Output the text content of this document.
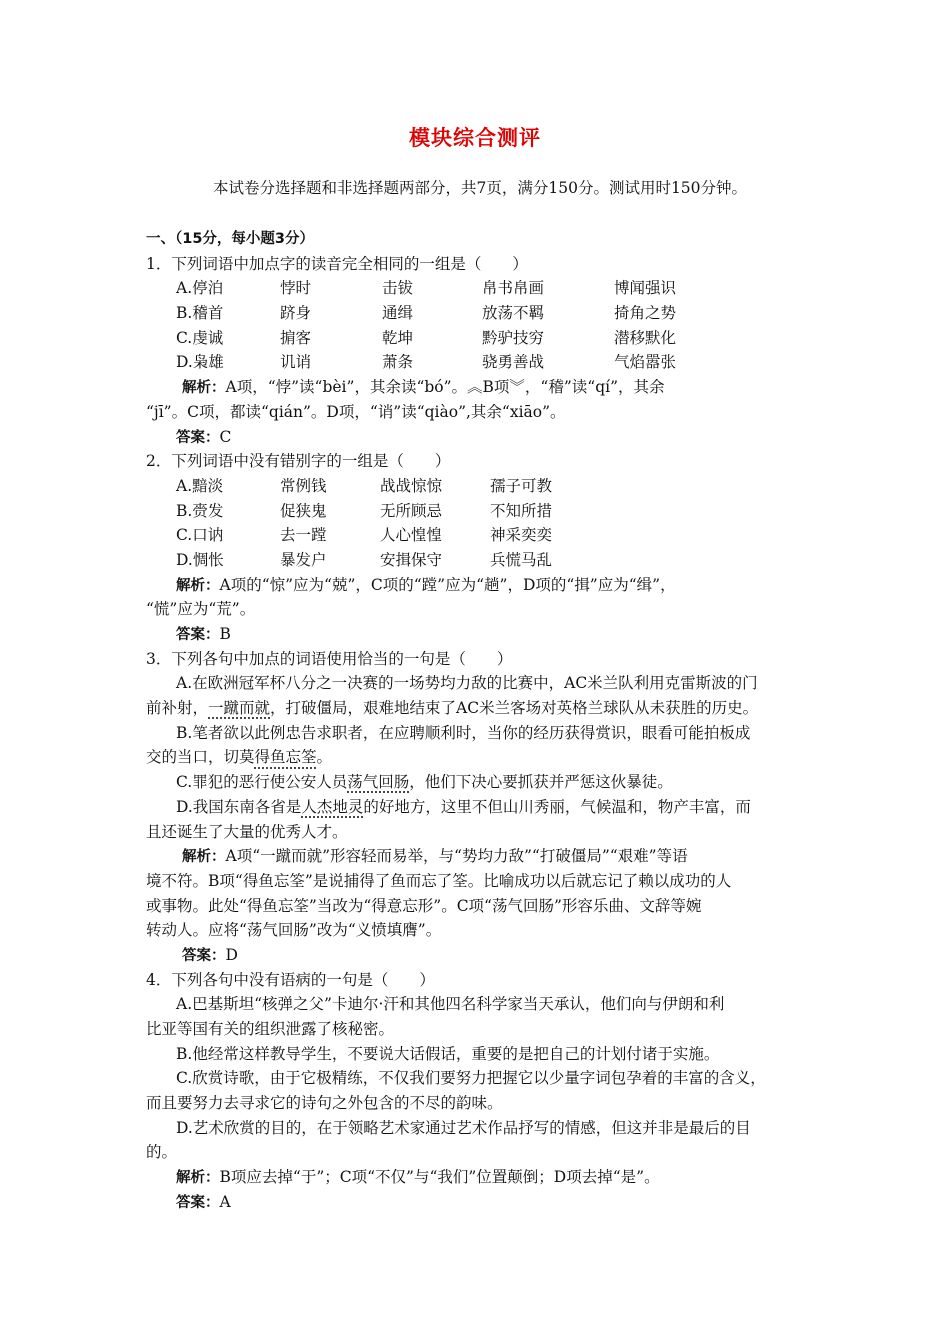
模块综合测评
本试卷分选择题和非选择题两部分，共7页，满分150分。测试用时150分钟。
一、（15分，每小题3分）
1．下列词语中加点字的读音完全相同的一组是（　　）
A.停泊	悖时	击钹	帛书帛画	博闻强识
B.稽首	跻身	通缉	放荡不羁	掎角之势
C.虔诚	掮客	乾坤	黔驴技穷	潜移默化
D.枭雄	讥诮	萧条	骁勇善战	气焰嚣张
解析：A项，“悖”读“bèi”，其余读“bó”。︽B项︾，“稽”读“qí”，其余
“jī”。C项，都读“qián”。D项，“诮”读“qiào”,其余“xiāo”。
答案：C
2．下列词语中没有错别字的一组是（　　）
A.黯淡	常例钱	战战惊惊	孺子可教
B.赍发	促狭鬼	无所顾忌	不知所措
C.口讷	去一蹚	人心惶惶	神采奕奕
D.惆怅	暴发户	安揖保守	兵慌马乱
解析：A项的“惊”应为“兢”，C项的“蹚”应为“趟”，D项的“揖”应为“缉”，
“慌”应为“荒”。
答案：B
3．下列各句中加点的词语使用恰当的一句是（　　）
A.在欧洲冠军杯八分之一决赛的一场势均力敌的比赛中，AC米兰队利用克雷斯波的门
前补射，一蹴而就，打破僵局，艰难地结束了AC米兰客场对英格兰球队从未获胜的历史。
B.笔者欲以此例忠告求职者，在应聘顺利时，当你的经历获得赏识，眼看可能拍板成
交的当口，切莫得鱼忘筌。
C.罪犯的恶行使公安人员荡气回肠，他们下决心要抓获并严惩这伙暴徒。
D.我国东南各省是人杰地灵的好地方，这里不但山川秀丽，气候温和，物产丰富，而
且还诞生了大量的优秀人才。
解析：A项“一蹴而就”形容轻而易举，与“势均力敌”“打破僵局”“艰难”等语
境不符。B项“得鱼忘筌”是说捕得了鱼而忘了筌。比喻成功以后就忘记了赖以成功的人
或事物。此处“得鱼忘筌”当改为“得意忘形”。C项“荡气回肠”形容乐曲、文辞等婉
转动人。应将“荡气回肠”改为“义愤填膺”。
答案：D
4．下列各句中没有语病的一句是（　　）
A.巴基斯坦“核弹之父”卡迪尔·汗和其他四名科学家当天承认，他们向与伊朗和利
比亚等国有关的组织泄露了核秘密。
B.他经常这样教导学生，不要说大话假话，重要的是把自己的计划付诸于实施。
C.欣赏诗歌，由于它极精练，不仅我们要努力把握它以少量字词包孕着的丰富的含义，
而且要努力去寻求它的诗句之外包含的不尽的韵味。
D.艺术欣赏的目的，在于领略艺术家通过艺术作品抒写的情感，但这并非是最后的目
的。
解析：B项应去掉“于”；C项“不仅”与“我们”位置颠倒；D项去掉“是”。
答案：A
